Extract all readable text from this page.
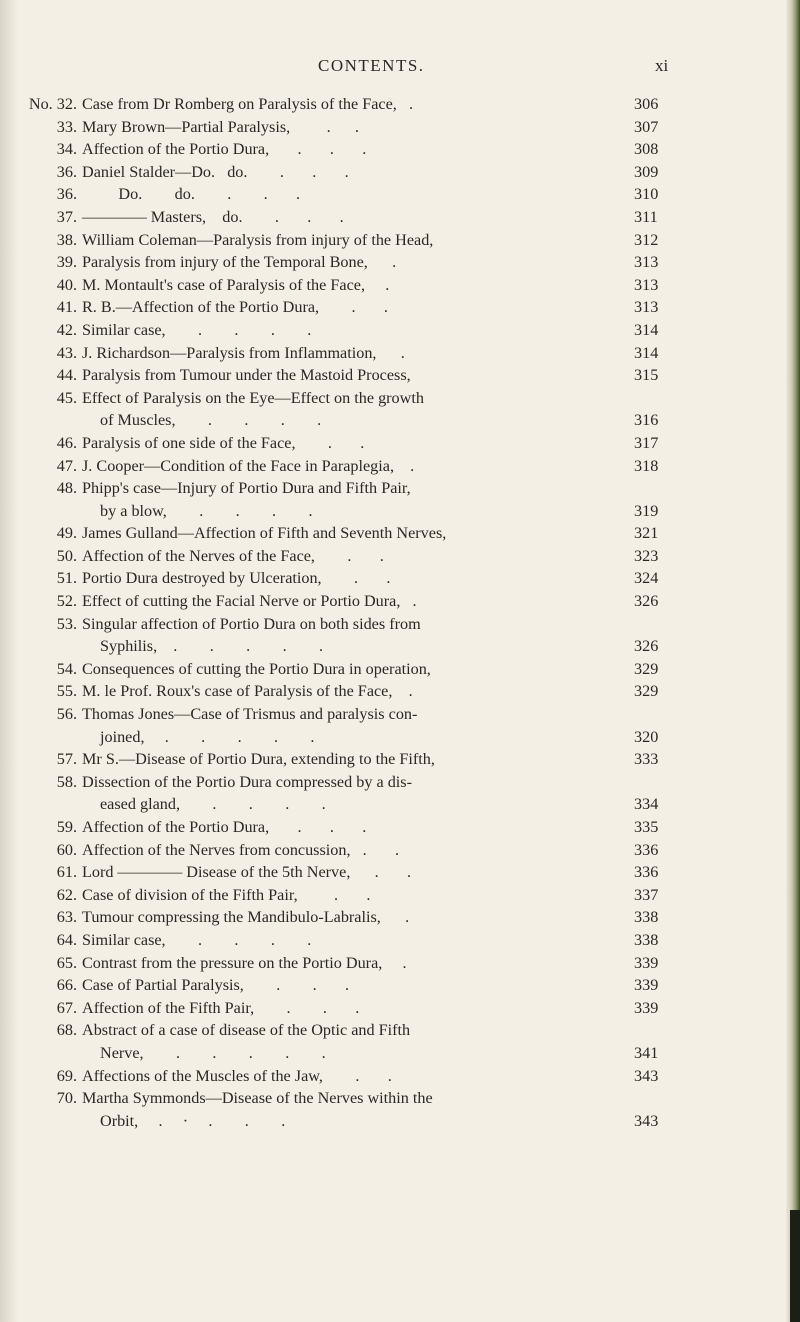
CONTENTS.	xi
No. 32. Case from Dr Romberg on Paralysis of the Face,   .	306
33. Mary Brown—Partial Paralysis,         .      .	307
34. Affection of the Portio Dura,       .       .       .	308
36. Daniel Stalder—Do.   do.        .       .       .	309
36. Do.        do.        .        .       .	310
37. ———— Masters,    do.        .       .       .	311
38. William Coleman—Paralysis from injury of the Head,	312
39. Paralysis from injury of the Temporal Bone,      .	313
40. M. Montault's case of Paralysis of the Face,     .	313
41. R. B.—Affection of the Portio Dura,        .       .	313
42. Similar case,        .        .        .        .	314
43. J. Richardson—Paralysis from Inflammation,      .	314
44. Paralysis from Tumour under the Mastoid Process,	315
45. Effect of Paralysis on the Eye—Effect on the growth
of Muscles,        .        .        .        .	316
46. Paralysis of one side of the Face,        .       .	317
47. J. Cooper—Condition of the Face in Paraplegia,    .	318
48. Phipp's case—Injury of Portio Dura and Fifth Pair,
by a blow,        .        .        .        .	319
49. James Gulland—Affection of Fifth and Seventh Nerves,	321
50. Affection of the Nerves of the Face,        .       .	323
51. Portio Dura destroyed by Ulceration,        .       .	324
52. Effect of cutting the Facial Nerve or Portio Dura,   .	326
53. Singular affection of Portio Dura on both sides from
Syphilis,    .        .        .        .        .	326
54. Consequences of cutting the Portio Dura in operation,	329
55. M. le Prof. Roux's case of Paralysis of the Face,    .	329
56. Thomas Jones—Case of Trismus and paralysis con-
joined,     .        .        .        .        .	320
57. Mr S.—Disease of Portio Dura, extending to the Fifth,	333
58. Dissection of the Portio Dura compressed by a dis-
eased gland,        .        .        .        .	334
59. Affection of the Portio Dura,       .       .       .	335
60. Affection of the Nerves from concussion,   .       .	336
61. Lord ———— Disease of the 5th Nerve,      .       .	336
62. Case of division of the Fifth Pair,         .       .	337
63. Tumour compressing the Mandibulo-Labralis,      .	338
64. Similar case,        .        .        .        .	338
65. Contrast from the pressure on the Portio Dura,     .	339
66. Case of Partial Paralysis,        .        .       .	339
67. Affection of the Fifth Pair,        .        .       .	339
68. Abstract of a case of disease of the Optic and Fifth
Nerve,        .        .        .        .        .	341
69. Affections of the Muscles of the Jaw,        .       .	343
70. Martha Symmonds—Disease of the Nerves within the
Orbit,     .     ·     .        .        .	343
